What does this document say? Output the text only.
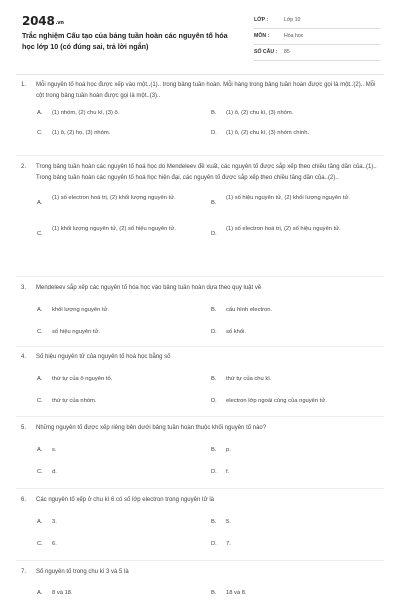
2048.vn
Trắc nghiệm Cấu tạo của bảng tuần hoàn các nguyên tố hóa học lớp 10 (có đúng sai, trả lời ngắn)
LỚP :	Lớp 10
MÔN :	Hóa học
SỐ CÂU : 85
1. Mỗi nguyên tố hoá học được xếp vào một..(1).. trong bảng tuần hoàn. Mỗi hàng trong bảng tuần hoàn được gọi là một..(2).. Mỗi cột trong bảng tuần hoàn được gọi là một..(3)..
A. (1) nhóm, (2) chu kì, (3) ô.	B. (1) ô, (2) chu kì, (3) nhóm.
C. (1) ô, (2) họ, (3) nhóm.	D. (1) ô, (2) chu kì, (3) nhóm chính.
2. Trong bảng tuần hoàn các nguyên tố hoá học do Mendeleev đề xuất, các nguyên tố được sắp xếp theo chiều tăng dần của..(1).. Trong bảng tuần hoàn các nguyên tố hoá học hiện đại, các nguyên tố được sắp xếp theo chiều tăng dần của..(2)..
A.
(1) số electron hoá trị, (2) khối lượng nguyên tử.
B.
(1) số hiệu nguyên tử, (2) khối lượng nguyên tử.
C.
(1) khối lượng nguyên tử, (2) số hiệu nguyên tử.
D.
(1) số electron hoá trị, (2) số hiệu nguyên tử.
3. Mendeleev sắp xếp các nguyên tố hóa học vào bảng tuần hoàn dựa theo quy luật về
A. khối lượng nguyên tử.	B. cấu hình electron.
C. số hiệu nguyên tử.	D. số khối.
4. Số hiệu nguyên tử của nguyên tố hoá học bằng số
A. thứ tự của ô nguyên tố.	B. thứ tự của chu kì.
C. thứ tự của nhóm.	D. electron lớp ngoài cùng của nguyên tử.
5. Những nguyên tố được xếp riêng bên dưới bảng tuần hoàn thuộc khối nguyên tố nào?
A. s.	B. p.
C. d.	D. f.
6. Các nguyên tố xếp ở chu kì 6 có số lớp electron trong nguyên tử là
A. 3.	B. 5.
C. 6.	D. 7.
7. Số nguyên tố trong chu kì 3 và 5 là
A. 8 và 18.	B. 18 và 8.
